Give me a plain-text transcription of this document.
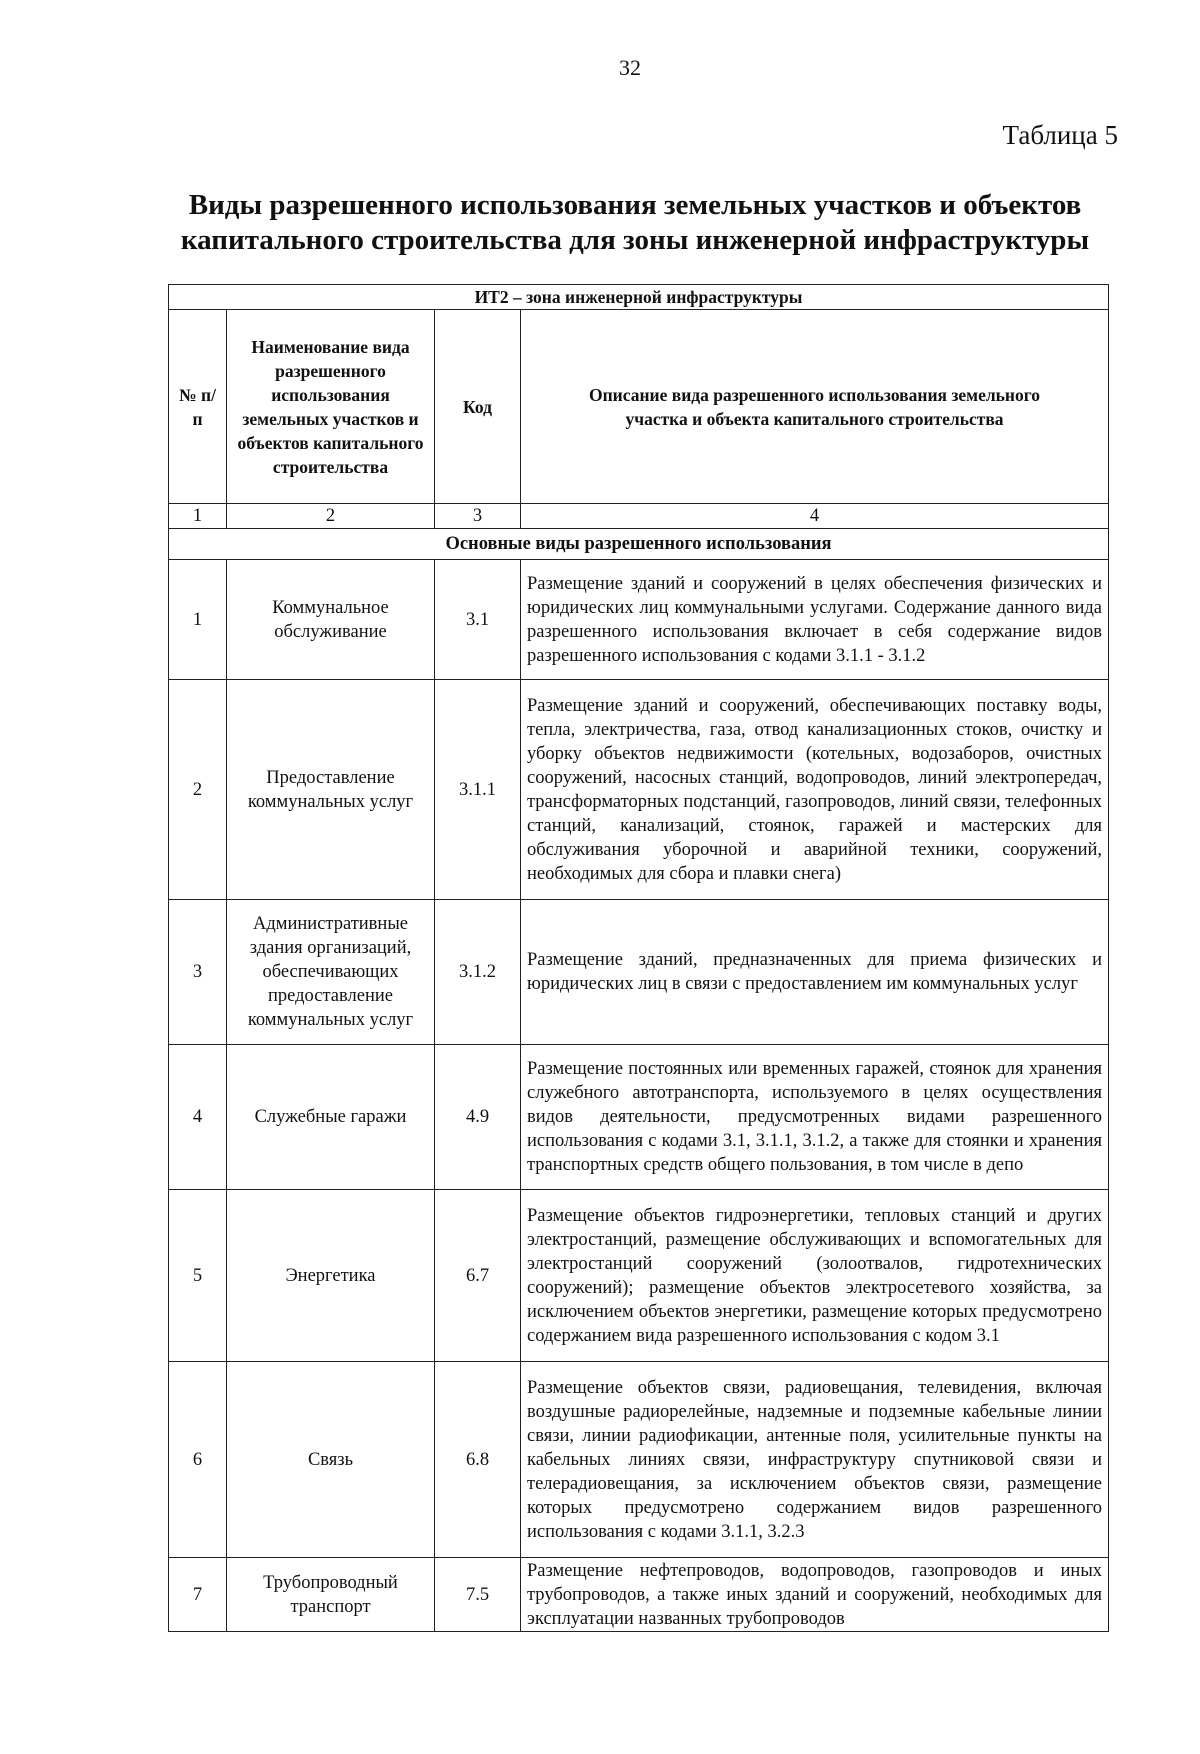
32
Таблица 5
Виды разрешенного использования земельных участков и объектов
капитального строительства для зоны инженерной инфраструктуры
ИТ2 – зона инженерной инфраструктуры			
№ п/п	Наименование вида разрешенного использования земельных участков и объектов капитального строительства	Код	Описание вида разрешенного использования земельного участка и объекта капитального строительства
1	2	3	4
Основные виды разрешенного использования			
1	Коммунальное обслуживание	3.1	Размещение зданий и сооружений в целях обеспечения физических и юридических лиц коммунальными услугами. Содержание данного вида разрешенного использования включает в себя содержание видов разрешенного использования с кодами 3.1.1 - 3.1.2
2	Предоставление коммунальных услуг	3.1.1	Размещение зданий и сооружений, обеспечивающих поставку воды, тепла, электричества, газа, отвод канализационных стоков, очистку и уборку объектов недвижимости (котельных, водозаборов, очистных сооружений, насосных станций, водопроводов, линий электропередач, трансформаторных подстанций, газопроводов, линий связи, телефонных станций, канализаций, стоянок, гаражей и мастерских для обслуживания уборочной и аварийной техники, сооружений, необходимых для сбора и плавки снега)
3	Административные здания организаций, обеспечивающих предоставление коммунальных услуг	3.1.2	Размещение зданий, предназначенных для приема физических и юридических лиц в связи с предоставлением им коммунальных услуг
4	Служебные гаражи	4.9	Размещение постоянных или временных гаражей, стоянок для хранения служебного автотранспорта, используемого в целях осуществления видов деятельности, предусмотренных видами разрешенного использования с кодами 3.1, 3.1.1, 3.1.2, а также для стоянки и хранения транспортных средств общего пользования, в том числе в депо
5	Энергетика	6.7	Размещение объектов гидроэнергетики, тепловых станций и других электростанций, размещение обслуживающих и вспомогательных для электростанций сооружений (золоотвалов, гидротехнических сооружений); размещение объектов электросетевого хозяйства, за исключением объектов энергетики, размещение которых предусмотрено содержанием вида разрешенного использования с кодом 3.1
6	Связь	6.8	Размещение объектов связи, радиовещания, телевидения, включая воздушные радиорелейные, надземные и подземные кабельные линии связи, линии радиофикации, антенные поля, усилительные пункты на кабельных линиях связи, инфраструктуру спутниковой связи и телерадиовещания, за исключением объектов связи, размещение которых предусмотрено содержанием видов разрешенного использования с кодами 3.1.1, 3.2.3
7	Трубопроводный транспорт	7.5	Размещение нефтепроводов, водопроводов, газопроводов и иных трубопроводов, а также иных зданий и сооружений, необходимых для эксплуатации названных трубопроводов
